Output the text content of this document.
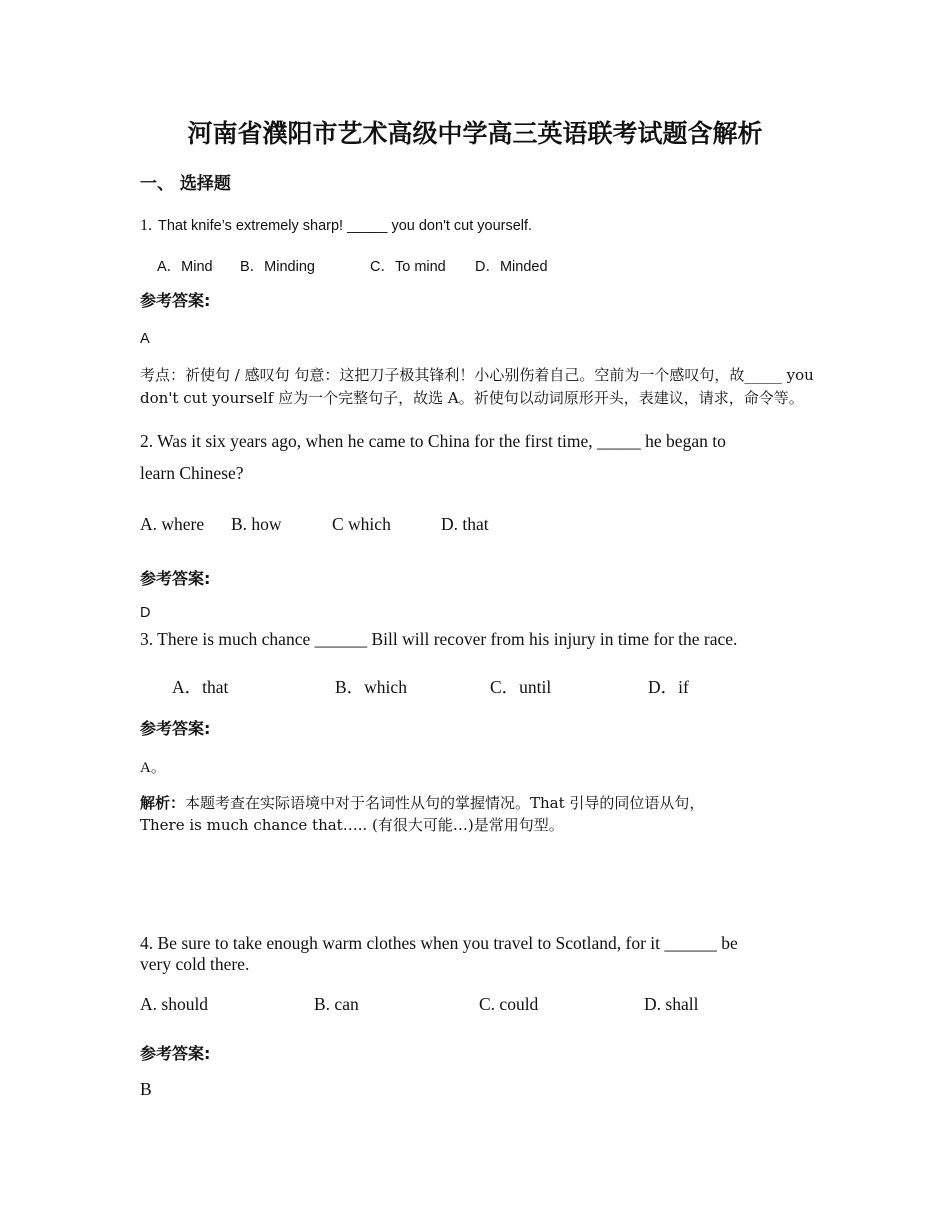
河南省濮阳市艺术高级中学高三英语联考试题含解析
一、 选择题
1. That knife’s extremely sharp! _____ you don't cut yourself.
A．Mind B．Minding	C．To mind D．Minded
参考答案:
A
考点：祈使句 / 感叹句 句意：这把刀子极其锋利！小心别伤着自己。空前为一个感叹句，故_____ you don't cut yourself 应为一个完整句子，故选 A。祈使句以动词原形开头，表建议，请求，命令等。
2. Was it six years ago, when he came to China for the first time, _____ he began to
learn Chinese?
A. where B. how	C which	D. that
参考答案:
D
3. There is much chance ______ Bill will recover from his injury in time for the race.
A．that	B．which	C．until	D．if
参考答案:
A。
解析：本题考查在实际语境中对于名词性从句的掌握情况。That 引导的同位语从句，
There is much chance that….. (有很大可能…)是常用句型。
4. Be sure to take enough warm clothes when you travel to Scotland, for it ______ be
very cold there.
A. should	B. can	C. could	D. shall
参考答案:
B
